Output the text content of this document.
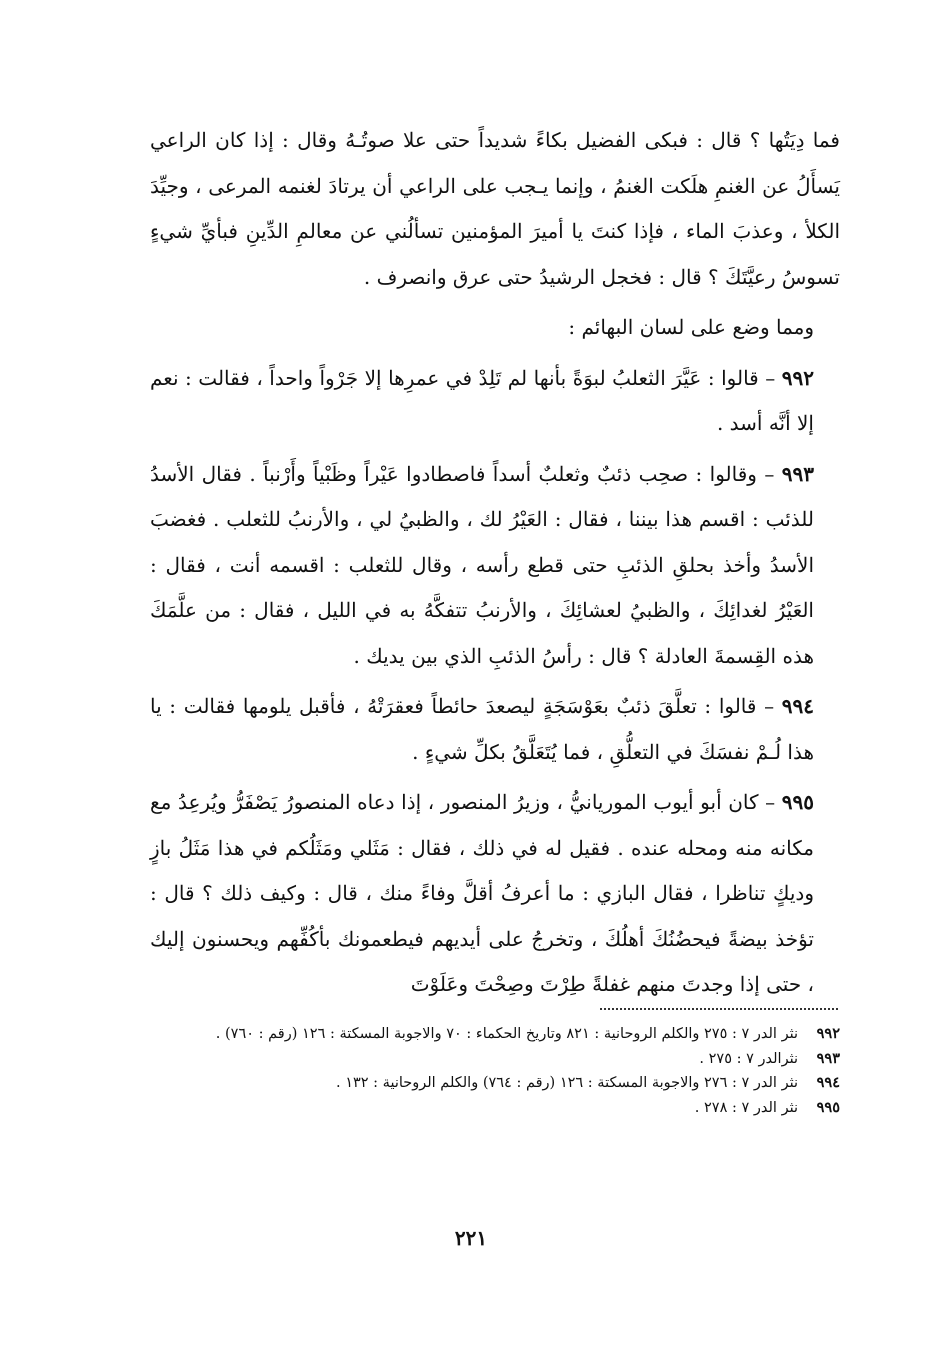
فما دِيَتُها ؟ قال : فبكى الفضيل بكاءً شديداً حتى علا صوتُـهُ وقال : إذا كان الراعي يَسأَلُ عن الغنمِ هلَكت الغنمُ ، وإنما يـجب على الراعي أن يرتادَ لغنمه المرعى ، وجيِّدَ الكلأ ، وعذبَ الماء ، فإذا كنتَ يا أميرَ المؤمنين تسألُني عن معالمِ الدِّينِ فبأيِّ شيءٍ تسوسُ رعيَّتَكَ ؟ قال : فخجل الرشيدُ حتى عرق وانصرف .

ومما وضع على لسان البهائم :

٩٩٢ – قالوا : عَيَّرَ الثعلبُ لبوَةً بأنها لم تَلِدْ في عمرِها إلا جَرْواً واحداً ، فقالت : نعم إلا أنَّه أسد .

٩٩٣ – وقالوا : صحِب ذئبٌ وثعلبٌ أسداً فاصطادوا عَيْراً وظَبْياً وأَرْنباً . فقال الأسدُ للذئب : اقسم هذا بيننا ، فقال : العَيْرُ لك ، والظبيُ لي ، والأرنبُ للثعلب . فغضبَ الأسدُ وأخذ بحلقِ الذئبِ حتى قطع رأسه ، وقال للثعلب : اقسمه أنت ، فقال : العَيْرُ لغدائِكَ ، والظبيُ لعشائِكَ ، والأرنبُ تتفكَّهُ به في الليل ، فقال : من علَّمَكَ هذه القِسمةَ العادلة ؟ قال : رأسُ الذئبِ الذي بين يديك .

٩٩٤ – قالوا : تعلَّقَ ذئبٌ بعَوْسَجَةٍ ليصعدَ حائطاً فعقرَتْهُ ، فأقبل يلومها فقالت : يا هذا لُـمْ نفسَكَ في التعلُّقِ ، فما يُتَعَلَّقُ بكلِّ شيءٍ .

٩٩٥ – كان أبو أيوب الموريانيُّ ، وزيرُ المنصور ، إذا دعاه المنصورُ يَصْفَرُّ ويُرعِدُ مع مكانه منه ومحله عنده . فقيل له في ذلك ، فقال : مَثَلي ومَثَلُكم في هذا مَثَلُ بازٍ وديكٍ تناظرا ، فقال البازي : ما أعرفُ أقلَّ وفاءً منك ، قال : وكيف ذلك ؟ قال : تؤخذ بيضةً فيحضُنُكَ أهلُكَ ، وتخرجُ على أيديهم فيطعمونك بأكُفِّهم ويحسنون إليك ، حتى إذا وجدتَ منهم غفلةً طِرْتَ وصِحْتَ وعَلَوْتَ

٩٩٢
نثر الدر ٧ : ٢٧٥ والكلم الروحانية : ٨٢١ وتاريخ الحكماء : ٧٠ والاجوبة المسكتة : ١٢٦ (رقم : ٧٦٠) .
٩٩٣
نثرالدر ٧ : ٢٧٥ .
٩٩٤
نثر الدر ٧ : ٢٧٦ والاجوبة المسكتة : ١٢٦ (رقم : ٧٦٤) والكلم الروحانية : ١٣٢ .
٩٩٥
نثر الدر ٧ : ٢٧٨ .
٢٢١
